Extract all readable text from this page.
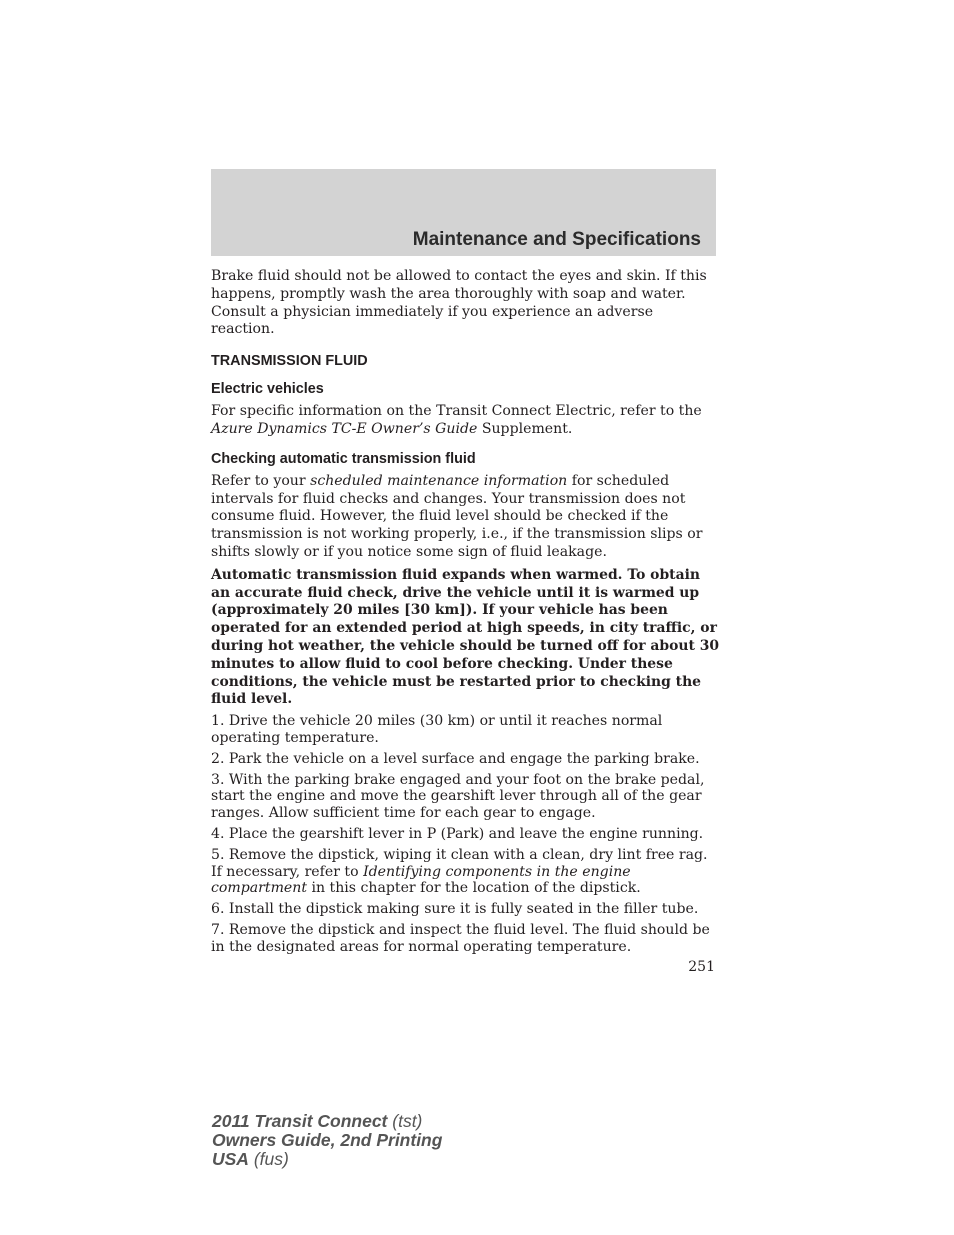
Maintenance and Specifications

Brake fluid should not be allowed to contact the eyes and skin. If this happens, promptly wash the area thoroughly with soap and water. Consult a physician immediately if you experience an adverse reaction.

TRANSMISSION FLUID
Electric vehicles

For specific information on the Transit Connect Electric, refer to the Azure Dynamics TC-E Owner’s Guide Supplement.

Checking automatic transmission fluid

Refer to your scheduled maintenance information for scheduled intervals for fluid checks and changes. Your transmission does not consume fluid. However, the fluid level should be checked if the transmission is not working properly, i.e., if the transmission slips or shifts slowly or if you notice some sign of fluid leakage.

Automatic transmission fluid expands when warmed. To obtain an accurate fluid check, drive the vehicle until it is warmed up (approximately 20 miles [30 km]). If your vehicle has been operated for an extended period at high speeds, in city traffic, or during hot weather, the vehicle should be turned off for about 30 minutes to allow fluid to cool before checking. Under these conditions, the vehicle must be restarted prior to checking the fluid level.

1. Drive the vehicle 20 miles (30 km) or until it reaches normal operating temperature.

2. Park the vehicle on a level surface and engage the parking brake.

3. With the parking brake engaged and your foot on the brake pedal, start the engine and move the gearshift lever through all of the gear ranges. Allow sufficient time for each gear to engage.

4. Place the gearshift lever in P (Park) and leave the engine running.

5. Remove the dipstick, wiping it clean with a clean, dry lint free rag. If necessary, refer to Identifying components in the engine compartment in this chapter for the location of the dipstick.

6. Install the dipstick making sure it is fully seated in the filler tube.

7. Remove the dipstick and inspect the fluid level. The fluid should be in the designated areas for normal operating temperature.

251
2011 Transit Connect (tst)
Owners Guide, 2nd Printing
USA (fus)
